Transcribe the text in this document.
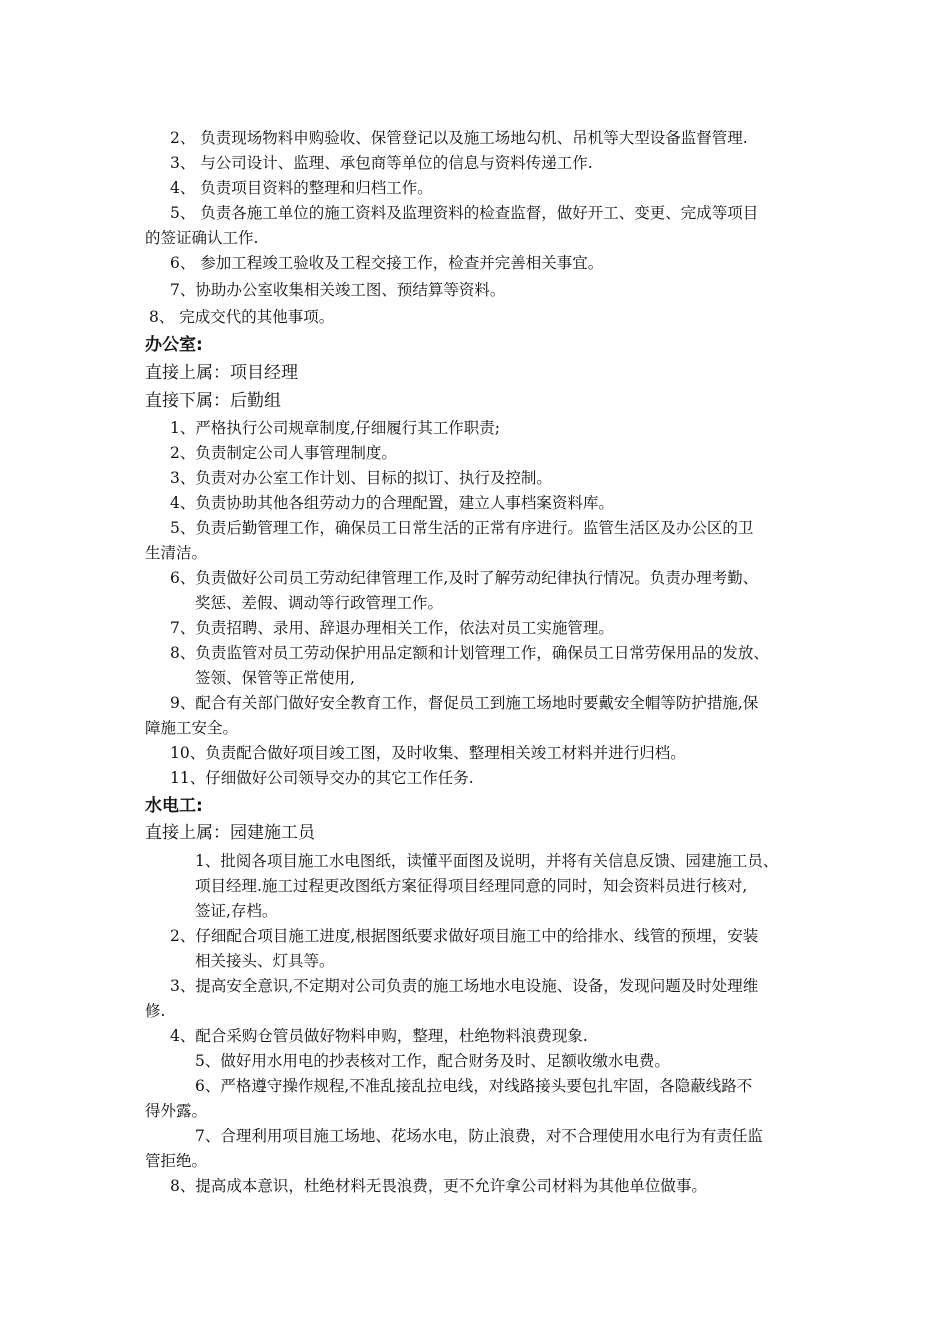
2、 负责现场物料申购验收、保管登记以及施工场地勾机、吊机等大型设备监督管理.
3、 与公司设计、监理、承包商等单位的信息与资料传递工作.
4、 负责项目资料的整理和归档工作。
5、 负责各施工单位的施工资料及监理资料的检查监督，做好开工、变更、完成等项目
的签证确认工作.
6、 参加工程竣工验收及工程交接工作，检查并完善相关事宜。
7、协助办公室收集相关竣工图、预结算等资料。
8、 完成交代的其他事项。
办公室:
直接上属：项目经理
直接下属：后勤组
1、严格执行公司规章制度,仔细履行其工作职责;
2、负责制定公司人事管理制度。
3、负责对办公室工作计划、目标的拟订、执行及控制。
4、负责协助其他各组劳动力的合理配置，建立人事档案资料库。
5、负责后勤管理工作，确保员工日常生活的正常有序进行。监管生活区及办公区的卫
生清洁。
6、负责做好公司员工劳动纪律管理工作,及时了解劳动纪律执行情况。负责办理考勤、
奖惩、差假、调动等行政管理工作。
7、负责招聘、录用、辞退办理相关工作，依法对员工实施管理。
8、负责监管对员工劳动保护用品定额和计划管理工作，确保员工日常劳保用品的发放、
签领、保管等正常使用,
9、配合有关部门做好安全教育工作，督促员工到施工场地时要戴安全帽等防护措施,保
障施工安全。
10、负责配合做好项目竣工图，及时收集、整理相关竣工材料并进行归档。
11、仔细做好公司领导交办的其它工作任务.
水电工:
直接上属：园建施工员
1、批阅各项目施工水电图纸，读懂平面图及说明，并将有关信息反馈、园建施工员、
项目经理.施工过程更改图纸方案征得项目经理同意的同时，知会资料员进行核对,
签证,存档。
2、仔细配合项目施工进度,根据图纸要求做好项目施工中的给排水、线管的预埋，安装
相关接头、灯具等。
3、提高安全意识,不定期对公司负责的施工场地水电设施、设备，发现问题及时处理维
修.
4、配合采购仓管员做好物料申购，整理，杜绝物料浪费现象.
5、做好用水用电的抄表核对工作，配合财务及时、足额收缴水电费。
6、严格遵守操作规程,不准乱接乱拉电线，对线路接头要包扎牢固，各隐蔽线路不
得外露。
7、合理利用项目施工场地、花场水电，防止浪费，对不合理使用水电行为有责任监
管拒绝。
8、提高成本意识，杜绝材料无畏浪费，更不允许拿公司材料为其他单位做事。
